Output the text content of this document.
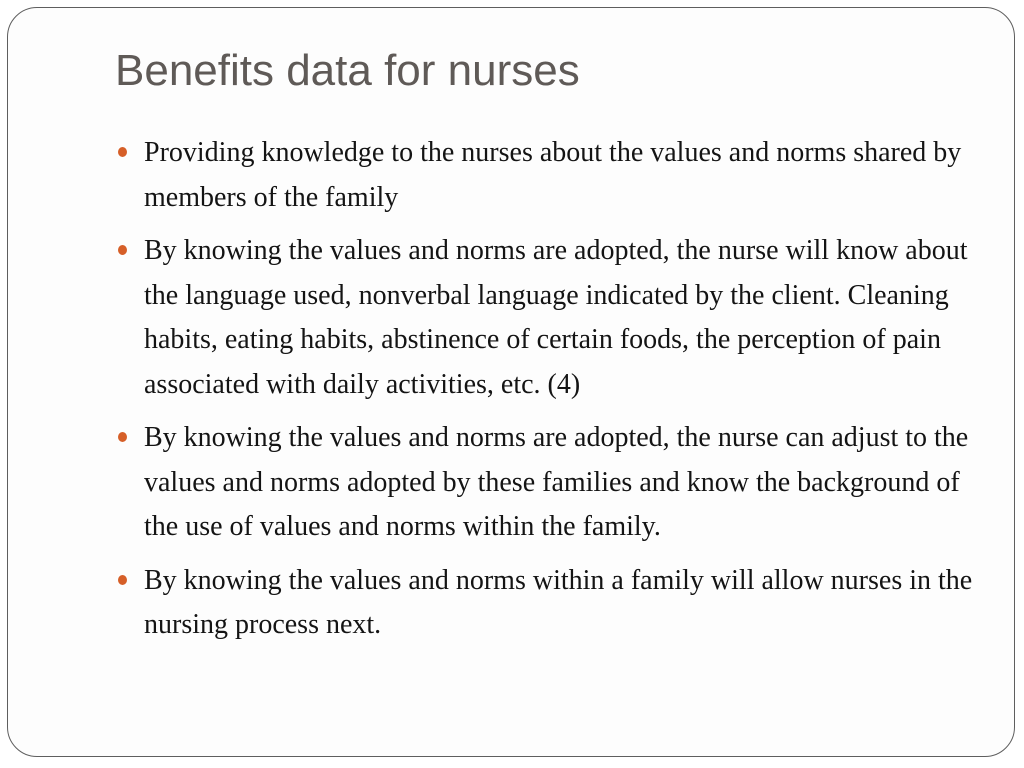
Benefits data for nurses
Providing knowledge to the nurses about the values and norms shared by members of the family
By knowing the values and norms are adopted, the nurse will know about the language used, nonverbal language indicated by the client. Cleaning habits, eating habits, abstinence of certain foods, the perception of pain associated with daily activities, etc. (4)
By knowing the values and norms are adopted, the nurse can adjust to the values and norms adopted by these families and know the background of the use of values and norms within the family.
By knowing the values and norms within a family will allow nurses in the nursing process next.
